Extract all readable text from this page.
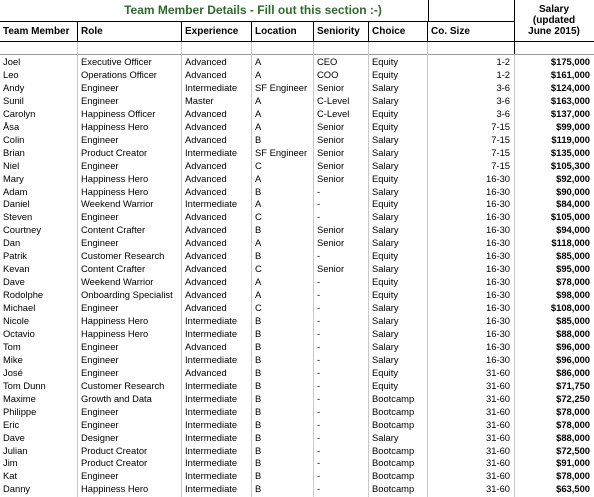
Team Member Details - Fill out this section :-)	Salary
(updated
June 2015)
Team Member	Role	Experience	Location	Seniority	Choice	Co. Size
Joel	Executive Officer	Advanced	A	CEO	Equity	1-2	$175,000
Leo	Operations Officer	Advanced	A	COO	Equity	1-2	$161,000
Andy	Engineer	Intermediate	SF Engineer	Senior	Salary	3-6	$124,000
Sunil	Engineer	Master	A	C-Level	Salary	3-6	$163,000
Carolyn	Happiness Officer	Advanced	A	C-Level	Equity	3-6	$137,000
Åsa	Happiness Hero	Advanced	A	Senior	Equity	7-15	$99,000
Colin	Engineer	Advanced	B	Senior	Salary	7-15	$119,000
Brian	Product Creator	Intermediate	SF Engineer	Senior	Salary	7-15	$135,000
Niel	Engineer	Advanced	C	Senior	Salary	7-15	$105,300
Mary	Happiness Hero	Advanced	A	Senior	Equity	16-30	$92,000
Adam	Happiness Hero	Advanced	B	-	Salary	16-30	$90,000
Daniel	Weekend Warrior	Intermediate	A	-	Equity	16-30	$84,000
Steven	Engineer	Advanced	C	-	Salary	16-30	$105,000
Courtney	Content Crafter	Advanced	B	Senior	Salary	16-30	$94,000
Dan	Engineer	Advanced	A	Senior	Salary	16-30	$118,000
Patrik	Customer Research	Advanced	B	-	Equity	16-30	$85,000
Kevan	Content Crafter	Advanced	C	Senior	Salary	16-30	$95,000
Dave	Weekend Warrior	Advanced	A	-	Equity	16-30	$78,000
Rodolphe	Onboarding Specialist	Advanced	A	-	Equity	16-30	$98,000
Michael	Engineer	Advanced	C	-	Salary	16-30	$108,000
Nicole	Happiness Hero	Intermediate	B	-	Salary	16-30	$85,000
Octavio	Happiness Hero	Intermediate	B	-	Salary	16-30	$88,000
Tom	Engineer	Advanced	B	-	Salary	16-30	$96,000
Mike	Engineer	Intermediate	B	-	Salary	16-30	$96,000
José	Engineer	Advanced	B	-	Equity	31-60	$86,000
Tom Dunn	Customer Research	Intermediate	B	-	Equity	31-60	$71,750
Maxime	Growth and Data	Intermediate	B	-	Bootcamp	31-60	$72,250
Philippe	Engineer	Intermediate	B	-	Bootcamp	31-60	$78,000
Eric	Engineer	Intermediate	B	-	Bootcamp	31-60	$78,000
Dave	Designer	Intermediate	B	-	Salary	31-60	$88,000
Julian	Product Creator	Intermediate	B	-	Bootcamp	31-60	$72,500
Jim	Product Creator	Intermediate	B	-	Bootcamp	31-60	$91,000
Kat	Engineer	Intermediate	B	-	Bootcamp	31-60	$78,000
Danny	Happiness Hero	Intermediate	B	-	Bootcamp	31-60	$63,500
